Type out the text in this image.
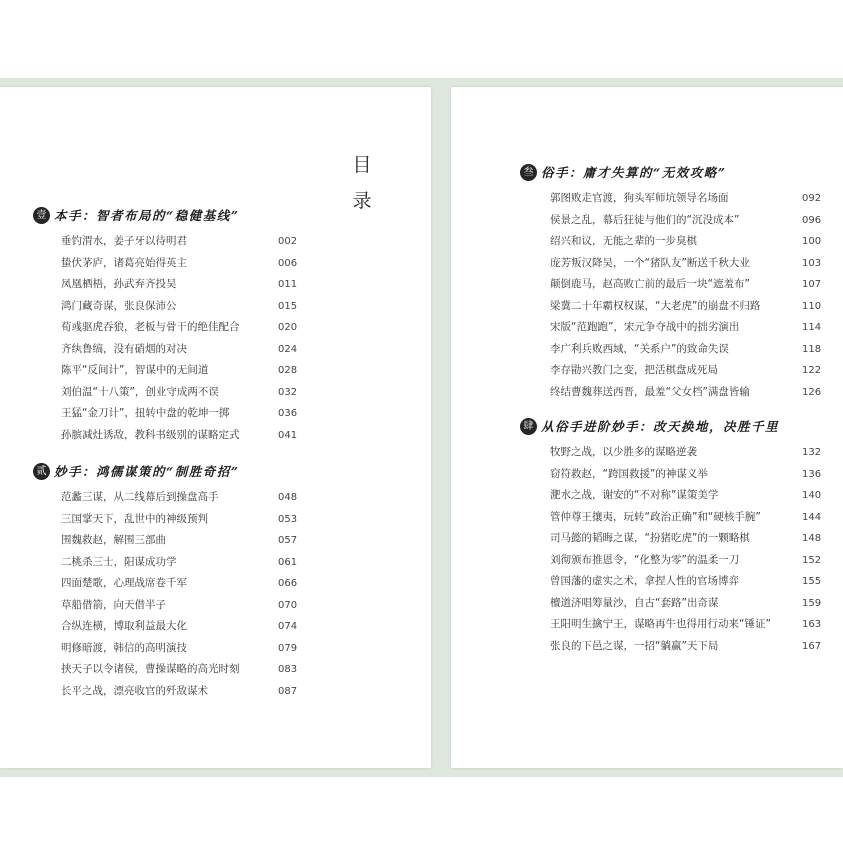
目
录
壹 本手：智者布局的“稳健基线”
垂钓渭水，姜子牙以待明君	002
蛰伏茅庐，诸葛亮始得英主	006
凤凰栖梧，孙武弃齐投吴	011
鸿门藏奇谋，张良保沛公	015
荀彧驱虎吞狼，老板与骨干的绝佳配合	020
齐纨鲁缟，没有硝烟的对决	024
陈平“反间计”，智谋中的无间道	028
刘伯温“十八策”，创业守成两不误	032
王猛“金刀计”，扭转中盘的乾坤一掷	036
孙膑减灶诱敌，教科书级别的谋略定式	041
贰 妙手：鸿儒谋策的“制胜奇招”
范蠡三谋，从二线幕后到操盘高手	048
三国掌天下，乱世中的神级预判	053
围魏救赵，解围三部曲	057
二桃杀三士，阳谋成功学	061
四面楚歌，心理战席卷千军	066
草船借箭，向天借半子	070
合纵连横，博取利益最大化	074
明修暗渡，韩信的高明演技	079
挟天子以令诸侯，曹操谋略的高光时刻	083
长平之战，漂亮收官的歼敌谋术	087
叁 俗手：庸才失算的“无效攻略”
郭图败走官渡，狗头军师坑领导名场面	092
侯景之乱，幕后狂徒与他们的“沉没成本”	096
绍兴和议，无能之辈的一步臭棋	100
庞芳叛汉降吴，一个“猪队友”断送千秋大业	103
颠倒鹿马，赵高败亡前的最后一块“遮羞布”	107
梁冀二十年霸权权谋，“大老虎”的崩盘不归路	110
宋版“范跑跑”，宋元争夺战中的拙劣演出	114
李广利兵败西域，“关系户”的致命失误	118
李存勖兴教门之变，把活棋盘成死局	122
终结曹魏葬送西晋，最羞“父女档”满盘皆输	126
肆 从俗手进阶妙手：改天换地，决胜千里
牧野之战，以少胜多的谋略逆袭	132
窃符救赵，“跨国救援”的神谋义举	136
淝水之战，谢安的“不对称”谋策美学	140
管仲尊王攘夷，玩转“政治正确”和“硬核手腕”	144
司马懿的韬晦之谋，“扮猪吃虎”的一颗略棋	148
刘彻颁布推恩令，“化整为零”的温柔一刀	152
曾国藩的虚实之术，拿捏人性的官场博弈	155
檀道济唱筹量沙，自古“套路”出奇谋	159
王阳明生擒宁王，谋略再牛也得用行动来“锤证”	163
张良的下邑之谋，一招“躺赢”天下局	167
